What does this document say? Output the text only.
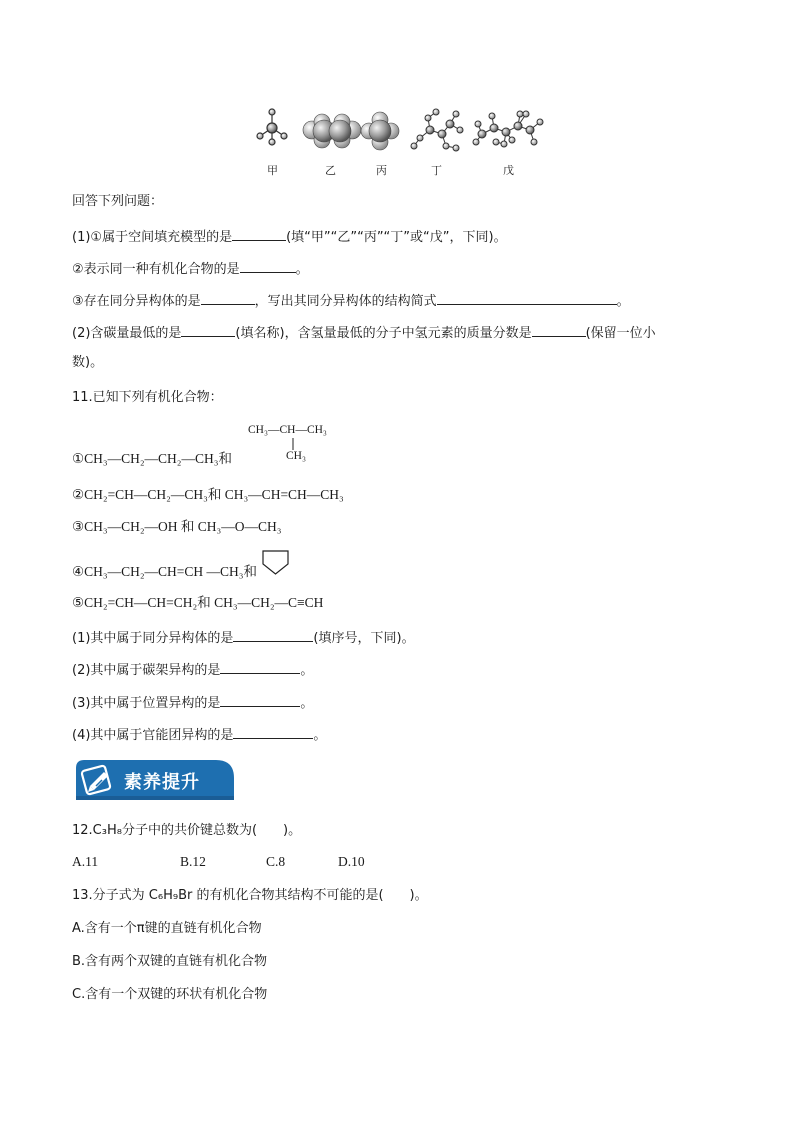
甲	乙	丙	丁	戊
回答下列问题：
(1)①属于空间填充模型的是	(填“甲”“乙”“丙”“丁”或“戊”，下同)。
②表示同一种有机化合物的是	。
③存在同分异构体的是	，写出其同分异构体的结构简式	。
(2)含碳量最低的是	(填名称)，含氢量最低的分子中氢元素的质量分数是	(保留一位小
数)。
11.已知下列有机化合物：
CH₃—CH—CH₃
CH₃
①CH₃—CH₂—CH₂—CH₃和
②CH₂=CH—CH₂—CH₃和 CH₃—CH=CH—CH₃
③CH₃—CH₂—OH 和 CH₃—O—CH₃
④CH₃—CH₂—CH=CH —CH₃和
⑤CH₂=CH—CH=CH₂和 CH₃—CH₂—C≡CH
(1)其中属于同分异构体的是	(填序号，下同)。
(2)其中属于碳架异构的是	。
(3)其中属于位置异构的是	。
(4)其中属于官能团异构的是	。
素养提升
12.C₃H₈分子中的共价键总数为(　　)。
A.11	B.12	C.8	D.10
13.分子式为 C₆H₉Br 的有机化合物其结构不可能的是(　　)。
A.含有一个π键的直链有机化合物
B.含有两个双键的直链有机化合物
C.含有一个双键的环状有机化合物
